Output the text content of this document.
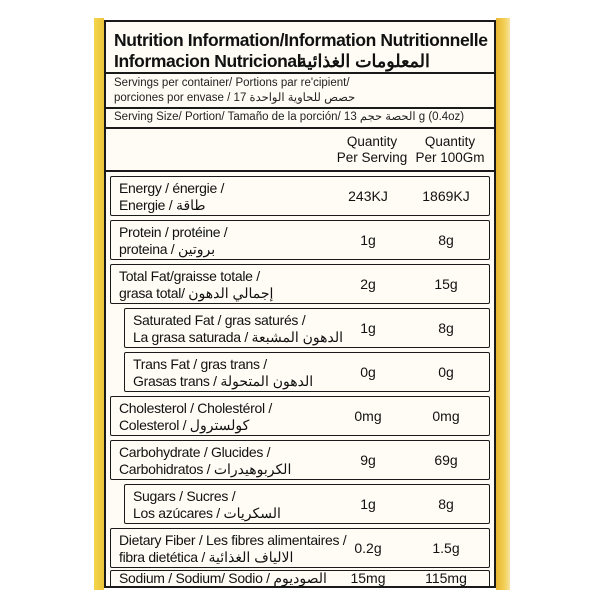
Nutrition Information/Information Nutritionnelle
Informacion Nutricional
المعلومات الغذائية
Servings per container/ Portions par re'cipient/
porciones por envase / حصص للحاوية الواحدة 17
Serving Size/ Portion/ Tamaño de la porción/ الحصة حجم 13 g (0.4oz)
Quantity
Per Serving
Quantity
Per 100Gm
Energy / énergie /
Energie / طاقة
243KJ	1869KJ
Protein / protéine /
proteina / بروتين
1g	8g
Total Fat/graisse totale /
grasa total/ إجمالي الدهون
2g	15g
Saturated Fat / gras saturés /
La grasa saturada / الدهون المشبعة
1g	8g
Trans Fat / gras trans /
Grasas trans / الدهون المتحولة
0g	0g
Cholesterol / Cholestérol /
Colesterol / كولسترول
0mg	0mg
Carbohydrate / Glucides /
Carbohidratos / الكربوهيدرات
9g	69g
Sugars / Sucres /
Los azúcares / السكريات
1g	8g
Dietary Fiber / Les fibres alimentaires /
fibra dietética / الالياف الغذائية
0.2g	1.5g
Sodium / Sodium/ Sodio / الصوديوم	15mg	115mg
